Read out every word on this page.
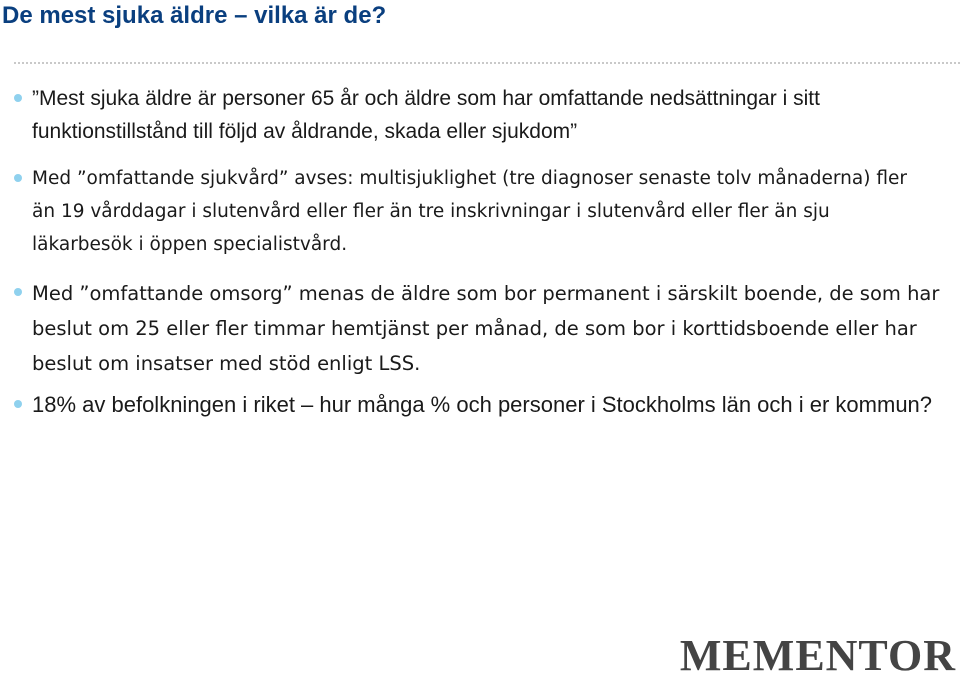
De mest sjuka äldre – vilka är de?
”Mest sjuka äldre är personer 65 år och äldre som har omfattande nedsättningar i sitt funktionstillstånd till följd av åldrande, skada eller sjukdom”
Med ”omfattande sjukvård” avses: multisjuklighet (tre diagnoser senaste tolv månaderna) fler än 19 vårddagar i slutenvård eller fler än tre inskrivningar i slutenvård eller fler än sju läkarbesök i öppen specialistvård.
Med ”omfattande omsorg” menas de äldre som bor permanent i särskilt boende, de som har beslut om 25 eller fler timmar hemtjänst per månad, de som bor i korttidsboende eller har beslut om insatser med stöd enligt LSS.
18% av befolkningen i riket – hur många % och personer i Stockholms län och i er kommun?
MEMENTOR
